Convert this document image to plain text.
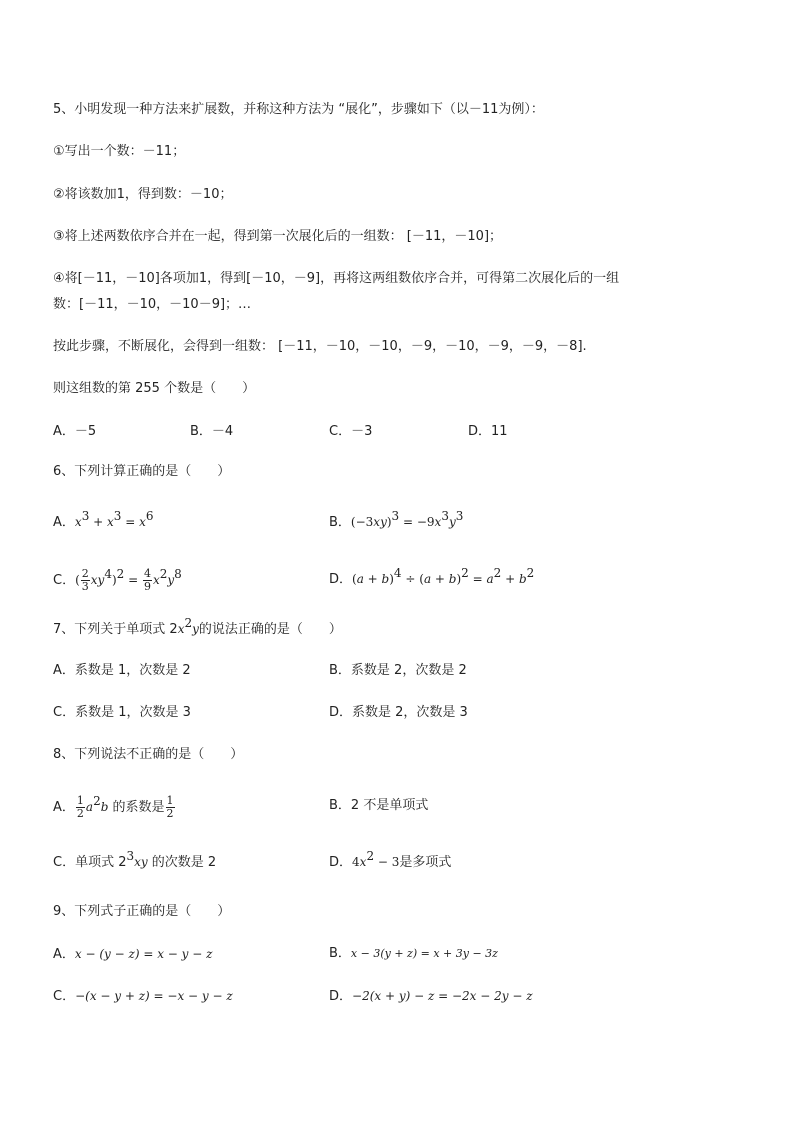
5、小明发现一种方法来扩展数，并称这种方法为 “展化”，步骤如下（以－11为例）：
①写出一个数：－11；
②将该数加1，得到数：－10；
③将上述两数依序合并在一起，得到第一次展化后的一组数： [－11，－10]；
④将[－11，－10]各项加1，得到[－10，－9]，再将这两组数依序合并，可得第二次展化后的一组
数：[－11，－10，－10－9]；…
按此步骤，不断展化，会得到一组数： [－11，－10，－10，－9，－10，－9，－9，－8].
则这组数的第 255 个数是（　　）
A．－5	B．－4	C．－3	D．11
6、下列计算正确的是（　　）
A．$x^3 + x^3 = x^6$	B．$(-3xy)^3 = -9x^3y^3$
C．( $\frac{2}{3} xy^4)^2 = \frac{4}{9} x^2y^8$	D．$(a + b)^4 \div (a + b)^2 = a^2 + b^2$
7、下列关于单项式 $2x^2y$的说法正确的是（　　）
A．系数是 1，次数是 2	B．系数是 2，次数是 2
C．系数是 1，次数是 3	D．系数是 2，次数是 3
8、下列说法不正确的是（　　）
A． $\frac{1}{2} a^2b$ 的系数是 $\frac{1}{2}$	B．2 不是单项式
C．单项式 $2^3xy$ 的次数是 2	D．$4x^2 - 3$是多项式
9、下列式子正确的是（　　）
A．x − (y − z) = x − y − z	B．x − 3(y + z) = x + 3y − 3z
C．−(x − y + z) = −x − y − z	D．−2(x + y) − z = −2x − 2y − z
